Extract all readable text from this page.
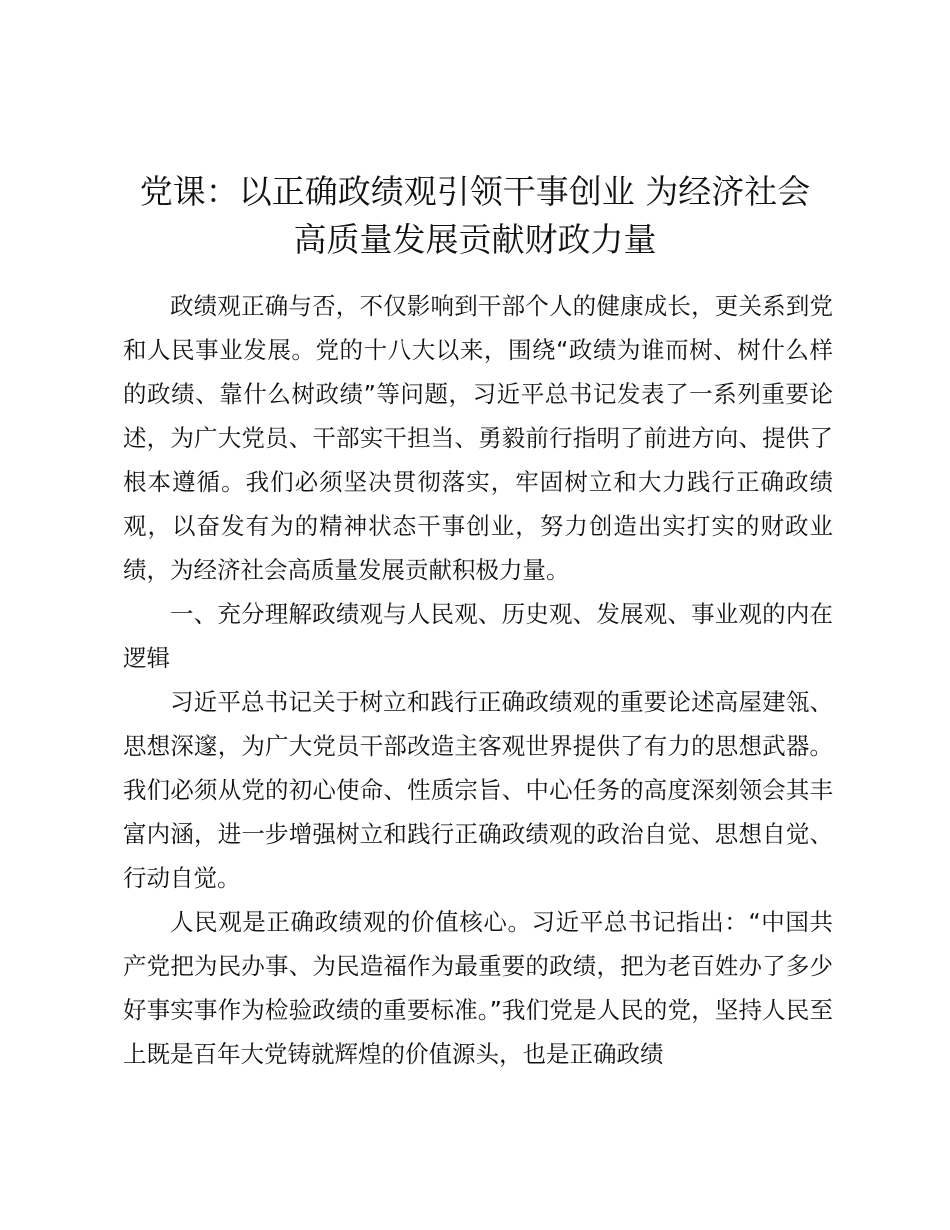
党课：以正确政绩观引领干事创业 为经济社会
高质量发展贡献财政力量

政绩观正确与否，不仅影响到干部个人的健康成长，更关系到党和人民事业发展。党的十八大以来，围绕“政绩为谁而树、树什么样的政绩、靠什么树政绩”等问题，习近平总书记发表了一系列重要论述，为广大党员、干部实干担当、勇毅前行指明了前进方向、提供了根本遵循。我们必须坚决贯彻落实，牢固树立和大力践行正确政绩观，以奋发有为的精神状态干事创业，努力创造出实打实的财政业绩，为经济社会高质量发展贡献积极力量。

一、充分理解政绩观与人民观、历史观、发展观、事业观的内在逻辑

习近平总书记关于树立和践行正确政绩观的重要论述高屋建瓴、思想深邃，为广大党员干部改造主客观世界提供了有力的思想武器。我们必须从党的初心使命、性质宗旨、中心任务的高度深刻领会其丰富内涵，进一步增强树立和践行正确政绩观的政治自觉、思想自觉、行动自觉。

人民观是正确政绩观的价值核心。习近平总书记指出：“中国共产党把为民办事、为民造福作为最重要的政绩，把为老百姓办了多少好事实事作为检验政绩的重要标准。”我们党是人民的党，坚持人民至上既是百年大党铸就辉煌的价值源头，也是正确政绩
